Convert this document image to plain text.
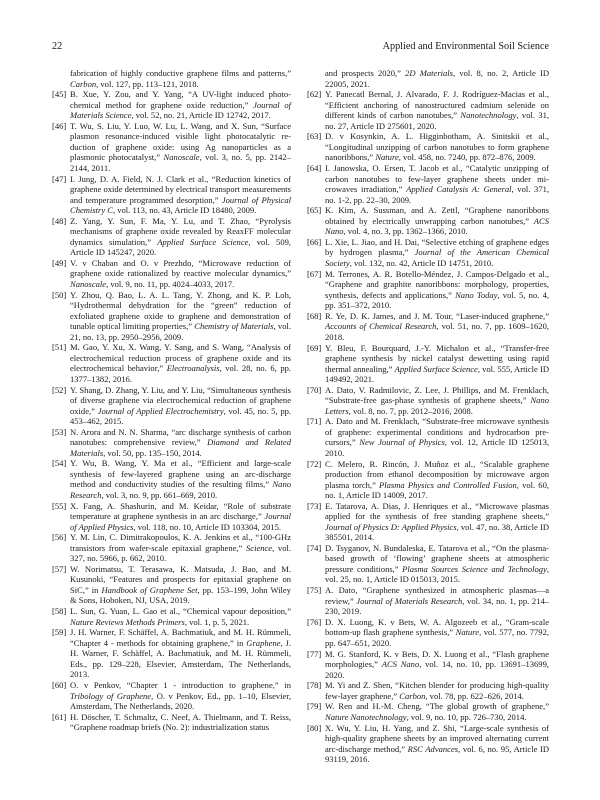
22	Applied and Environmental Soil Science
fabrication of highly conductive graphene films and patterns,” Carbon, vol. 127, pp. 113–121, 2018.
[45] B. Xue, Y. Zou, and Y. Yang, “A UV-light induced photochemical method for graphene oxide reduction,” Journal of Materials Science, vol. 52, no. 21, Article ID 12742, 2017.
[46] T. Wu, S. Liu, Y. Luo, W. Lu, L. Wang, and X. Sun, “Surface plasmon resonance-induced visible light photocatalytic reduction of graphene oxide: using Ag nanoparticles as a plasmonic photocatalyst,” Nanoscale, vol. 3, no. 5, pp. 2142–2144, 2011.
[47] I. Jung, D. A. Field, N. J. Clark et al., “Reduction kinetics of graphene oxide determined by electrical transport measurements and temperature programmed desorption,” Journal of Physical Chemistry C, vol. 113, no. 43, Article ID 18480, 2009.
[48] Z. Yang, Y. Sun, F. Ma, Y. Lu, and T. Zhao, “Pyrolysis mechanisms of graphene oxide revealed by ReaxFF molecular dynamics simulation,” Applied Surface Science, vol. 509, Article ID 145247, 2020.
[49] V. v Chaban and O. v Prezhdo, “Microwave reduction of graphene oxide rationalized by reactive molecular dynamics,” Nanoscale, vol. 9, no. 11, pp. 4024–4033, 2017.
[50] Y. Zhou, Q. Bao, L. A. L. Tang, Y. Zhong, and K. P. Loh, “Hydrothermal dehydration for the “green” reduction of exfoliated graphene oxide to graphene and demonstration of tunable optical limiting properties,” Chemistry of Materials, vol. 21, no. 13, pp. 2950–2956, 2009.
[51] M. Gao, Y. Xu, X. Wang, Y. Sang, and S. Wang, “Analysis of electrochemical reduction process of graphene oxide and its electrochemical behavior,” Electroanalysis, vol. 28, no. 6, pp. 1377–1382, 2016.
[52] Y. Shang, D. Zhang, Y. Liu, and Y. Liu, “Simultaneous synthesis of diverse graphene via electrochemical reduction of graphene oxide,” Journal of Applied Electrochemistry, vol. 45, no. 5, pp. 453–462, 2015.
[53] N. Arora and N. N. Sharma, “arc discharge synthesis of carbon nanotubes: comprehensive review,” Diamond and Related Materials, vol. 50, pp. 135–150, 2014.
[54] Y. Wu, B. Wang, Y. Ma et al., “Efficient and large-scale synthesis of few-layered graphene using an arc-discharge method and conductivity studies of the resulting films,” Nano Research, vol. 3, no. 9, pp. 661–669, 2010.
[55] X. Fang, A. Shashurin, and M. Keidar, “Role of substrate temperature at graphene synthesis in an arc discharge,” Journal of Applied Physics, vol. 118, no. 10, Article ID 103304, 2015.
[56] Y. M. Lin, C. Dimitrakopoulos, K. A. Jenkins et al., “100-GHz transistors from wafer-scale epitaxial graphene,” Science, vol. 327, no. 5966, p. 662, 2010.
[57] W. Norimatsu, T. Terasawa, K. Matsuda, J. Bao, and M. Kusunoki, “Features and prospects for epitaxial graphene on SiC,” in Handbook of Graphene Set, pp. 153–199, John Wiley & Sons, Hoboken, NJ, USA, 2019.
[58] L. Sun, G. Yuan, L. Gao et al., “Chemical vapour deposition,” Nature Reviews Methods Primers, vol. 1, p. 5, 2021.
[59] J. H. Warner, F. Schäffel, A. Bachmatiuk, and M. H. Rümmeli, “Chapter 4 - methods for obtaining graphene,” in Graphene, J. H. Warner, F. Schäffel, A. Bachmatiuk, and M. H. Rümmeli, Eds., pp. 129–228, Elsevier, Amsterdam, The Netherlands, 2013.
[60] O. v Penkov, “Chapter 1 - introduction to graphene,” in Tribology of Graphene, O. v Penkov, Ed., pp. 1–10, Elsevier, Amsterdam, The Netherlands, 2020.
[61] H. Döscher, T. Schmaltz, C. Neef, A. Thielmann, and T. Reiss, “Graphene roadmap briefs (No. 2): industrialization status
and prospects 2020,” 2D Materials, vol. 8, no. 2, Article ID 22005, 2021.
[62] Y. Panecatl Bernal, J. Alvarado, F. J. Rodríguez-Macias et al., “Efficient anchoring of nanostructured cadmium selenide on different kinds of carbon nanotubes,” Nanotechnology, vol. 31, no. 27, Article ID 275601, 2020.
[63] D. v Kosynkin, A. L. Higginbotham, A. Sinitskii et al., “Longitudinal unzipping of carbon nanotubes to form graphene nanoribbons,” Nature, vol. 458, no. 7240, pp. 872–876, 2009.
[64] I. Janowska, O. Ersen, T. Jacob et al., “Catalytic unzipping of carbon nanotubes to few-layer graphene sheets under microwaves irradiation,” Applied Catalysis A: General, vol. 371, no. 1-2, pp. 22–30, 2009.
[65] K. Kim, A. Sussman, and A. Zettl, “Graphene nanoribbons obtained by electrically unwrapping carbon nanotubes,” ACS Nano, vol. 4, no. 3, pp. 1362–1366, 2010.
[66] L. Xie, L. Jiao, and H. Dai, “Selective etching of graphene edges by hydrogen plasma,” Journal of the American Chemical Society, vol. 132, no. 42, Article ID 14751, 2010.
[67] M. Terrones, A. R. Botello-Méndez, J. Campos-Delgado et al., “Graphene and graphite nanoribbons: morphology, properties, synthesis, defects and applications,” Nano Today, vol. 5, no. 4, pp. 351–372, 2010.
[68] R. Ye, D. K. James, and J. M. Tour, “Laser-induced graphene,” Accounts of Chemical Research, vol. 51, no. 7, pp. 1609–1620, 2018.
[69] Y. Bleu, F. Bourquard, J.-Y. Michalon et al., “Transfer-free graphene synthesis by nickel catalyst dewetting using rapid thermal annealing,” Applied Surface Science, vol. 555, Article ID 149492, 2021.
[70] A. Dato, V. Radmilovic, Z. Lee, J. Phillips, and M. Frenklach, “Substrate-free gas-phase synthesis of graphene sheets,” Nano Letters, vol. 8, no. 7, pp. 2012–2016, 2008.
[71] A. Dato and M. Frenklach, “Substrate-free microwave synthesis of graphene: experimental conditions and hydrocarbon precursors,” New Journal of Physics, vol. 12, Article ID 125013, 2010.
[72] C. Melero, R. Rincón, J. Muñoz et al., “Scalable graphene production from ethanol decomposition by microwave argon plasma torch,” Plasma Physics and Controlled Fusion, vol. 60, no. 1, Article ID 14009, 2017.
[73] E. Tatarova, A. Dias, J. Henriques et al., “Microwave plasmas applied for the synthesis of free standing graphene sheets,” Journal of Physics D: Applied Physics, vol. 47, no. 38, Article ID 385501, 2014.
[74] D. Tsyganov, N. Bundaleska, E. Tatarova et al., “On the plasma-based growth of ‘flowing’ graphene sheets at atmospheric pressure conditions,” Plasma Sources Science and Technology, vol. 25, no. 1, Article ID 015013, 2015.
[75] A. Dato, “Graphene synthesized in atmospheric plasmas—a review,” Journal of Materials Research, vol. 34, no. 1, pp. 214–230, 2019.
[76] D. X. Luong, K. v Bets, W. A. Algozeeb et al., “Gram-scale bottom-up flash graphene synthesis,” Nature, vol. 577, no. 7792, pp. 647–651, 2020.
[77] M. G. Stanford, K. v Bets, D. X. Luong et al., “Flash graphene morphologies,” ACS Nano, vol. 14, no. 10, pp. 13691–13699, 2020.
[78] M. Yi and Z. Shen, “Kitchen blender for producing high-quality few-layer graphene,” Carbon, vol. 78, pp. 622–626, 2014.
[79] W. Ren and H.-M. Cheng, “The global growth of graphene,” Nature Nanotechnology, vol. 9, no. 10, pp. 726–730, 2014.
[80] X. Wu, Y. Liu, H. Yang, and Z. Shi, “Large-scale synthesis of high-quality graphene sheets by an improved alternating current arc-discharge method,” RSC Advances, vol. 6, no. 95, Article ID 93119, 2016.
